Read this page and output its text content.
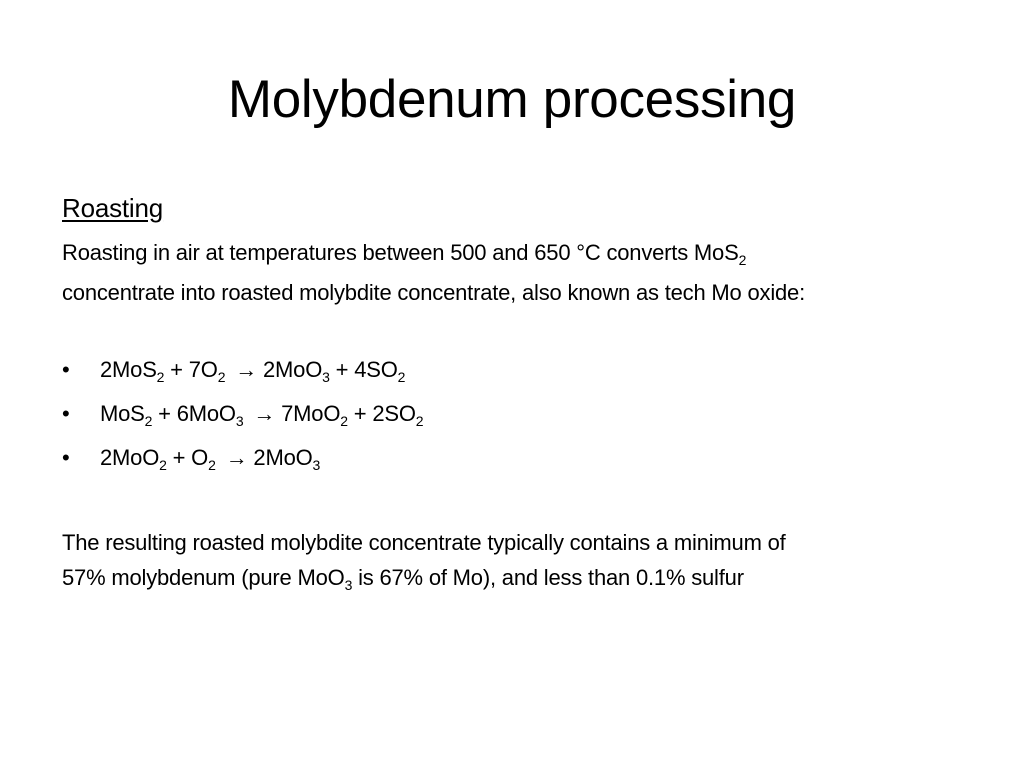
Molybdenum processing
Roasting
Roasting in air at temperatures between 500 and 650 °C converts MoS$_2$
concentrate into roasted molybdite concentrate, also known as tech Mo oxide:
• $2MoS_2 + 7O_2 \to 2MoO_3 + 4SO_2$
• $MoS_2 + 6MoO_3 \to 7MoO_2 + 2SO_2$
• $2MoO_2 + O_2 \to 2MoO_3$
The resulting roasted molybdite concentrate typically contains a minimum of
57% molybdenum (pure MoO$_3$ is 67% of Mo), and less than 0.1% sulfur
